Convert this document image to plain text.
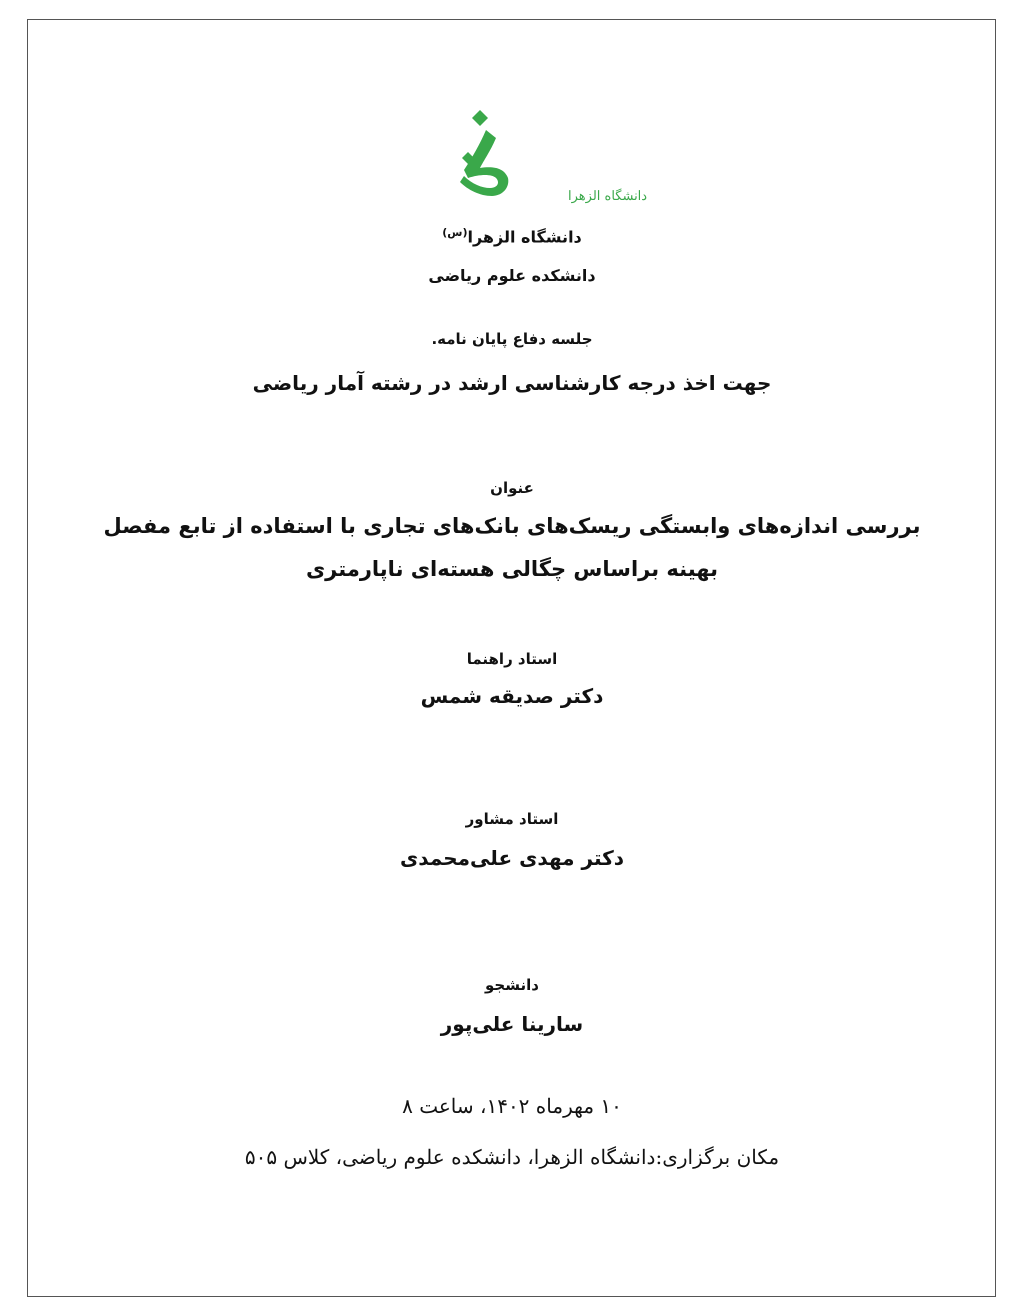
دانشگاه الزهرا
دانشگاه الزهرا$^{(س)}$
دانشکده علوم ریاضی
جلسه دفاع پایان نامه.
جهت اخذ درجه کارشناسی ارشد در رشته آمار ریاضی
عنوان
بررسی اندازه‌های وابستگی ریسک‌های بانک‌های تجاری با استفاده از تابع مفصل
بهینه براساس چگالی هسته‌ای ناپارمتری
استاد راهنما
دکتر صدیقه شمس
استاد مشاور
دکتر مهدی علی‌محمدی
دانشجو
سارینا علی‌پور
۱۰ مهرماه ۱۴۰۲، ساعت ۸
مکان برگزاری:دانشگاه الزهرا، دانشکده علوم ریاضی، کلاس ۵۰۵
